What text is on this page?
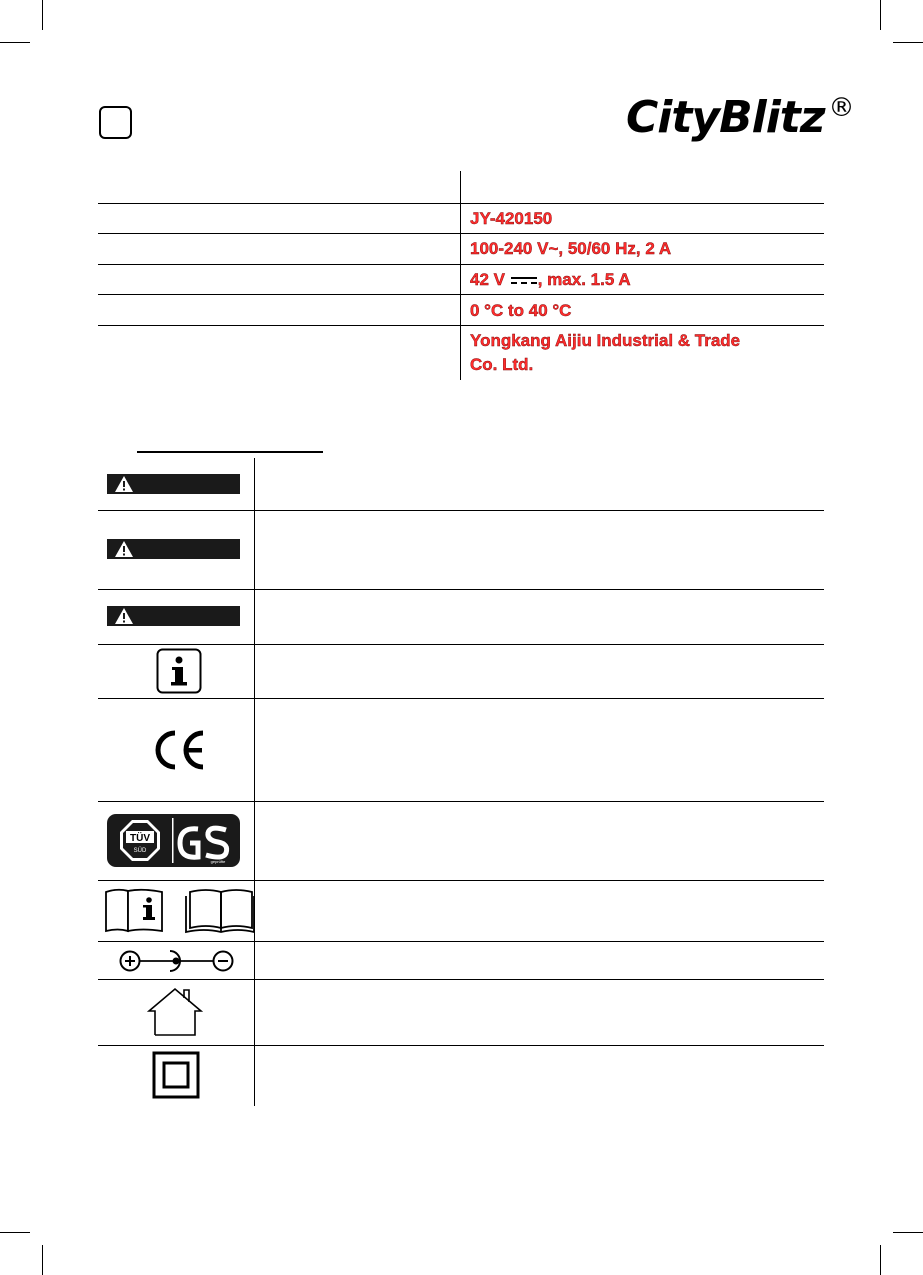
CityBlitz ®
JY-420150
100-240 V~, 50/60 Hz, 2 A
42 V , max. 1.5 A
0 °C to 40 °C
Yongkang Aijiu Industrial & Trade
Co. Ltd.
TÜV
SÜD
geprüfte
